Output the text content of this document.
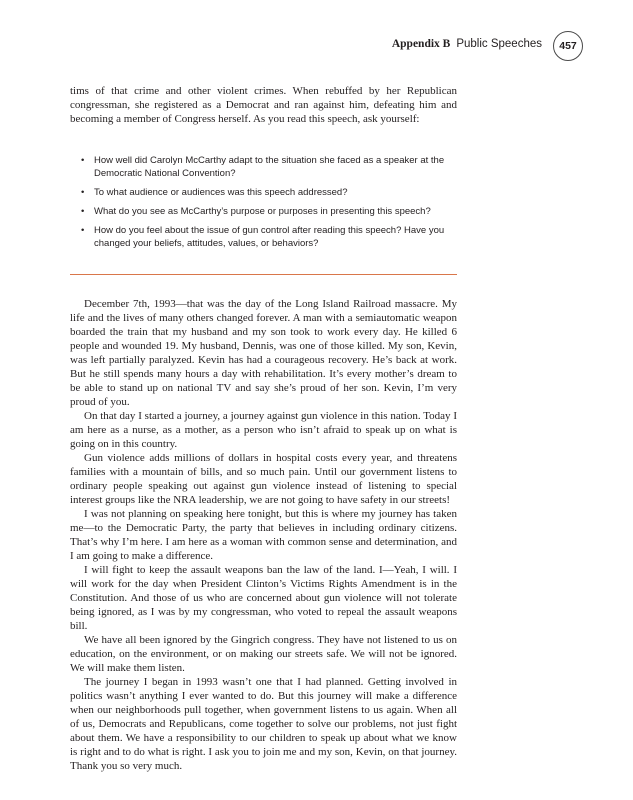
Appendix B Public Speeches	457

tims of that crime and other violent crimes. When rebuffed by her Republican congressman, she registered as a Democrat and ran against him, defeating him and becoming a member of Congress herself. As you read this speech, ask yourself:

• How well did Carolyn McCarthy adapt to the situation she faced as a speaker at the Democratic National Convention?
• To what audience or audiences was this speech addressed?
• What do you see as McCarthy’s purpose or purposes in presenting this speech?
• How do you feel about the issue of gun control after reading this speech? Have you changed your beliefs, attitudes, values, or behaviors?

December 7th, 1993—that was the day of the Long Island Railroad massacre. My life and the lives of many others changed forever. A man with a semiautomatic weapon boarded the train that my husband and my son took to work every day. He killed 6 people and wounded 19. My husband, Dennis, was one of those killed. My son, Kevin, was left partially paralyzed. Kevin has had a courageous recovery. He’s back at work. But he still spends many hours a day with rehabilitation. It’s every mother’s dream to be able to stand up on national TV and say she’s proud of her son. Kevin, I’m very proud of you.

On that day I started a journey, a journey against gun violence in this nation. Today I am here as a nurse, as a mother, as a person who isn’t afraid to speak up on what is going on in this country.

Gun violence adds millions of dollars in hospital costs every year, and threatens families with a mountain of bills, and so much pain. Until our government listens to ordinary people speaking out against gun violence instead of listening to special interest groups like the NRA leadership, we are not going to have safety in our streets!

I was not planning on speaking here tonight, but this is where my journey has taken me—to the Democratic Party, the party that believes in including ordinary citizens. That’s why I’m here. I am here as a woman with common sense and determination, and I am going to make a difference.

I will fight to keep the assault weapons ban the law of the land. I—Yeah, I will. I will work for the day when President Clinton’s Victims Rights Amendment is in the Constitution. And those of us who are concerned about gun violence will not tolerate being ignored, as I was by my congressman, who voted to repeal the assault weapons bill.

We have all been ignored by the Gingrich congress. They have not listened to us on education, on the environment, or on making our streets safe. We will not be ignored. We will make them listen.

The journey I began in 1993 wasn’t one that I had planned. Getting involved in politics wasn’t anything I ever wanted to do. But this journey will make a difference when our neighborhoods pull together, when government listens to us again. When all of us, Democrats and Republicans, come together to solve our problems, not just fight about them. We have a responsibility to our children to speak up about what we know is right and to do what is right. I ask you to join me and my son, Kevin, on that journey. Thank you so very much.
